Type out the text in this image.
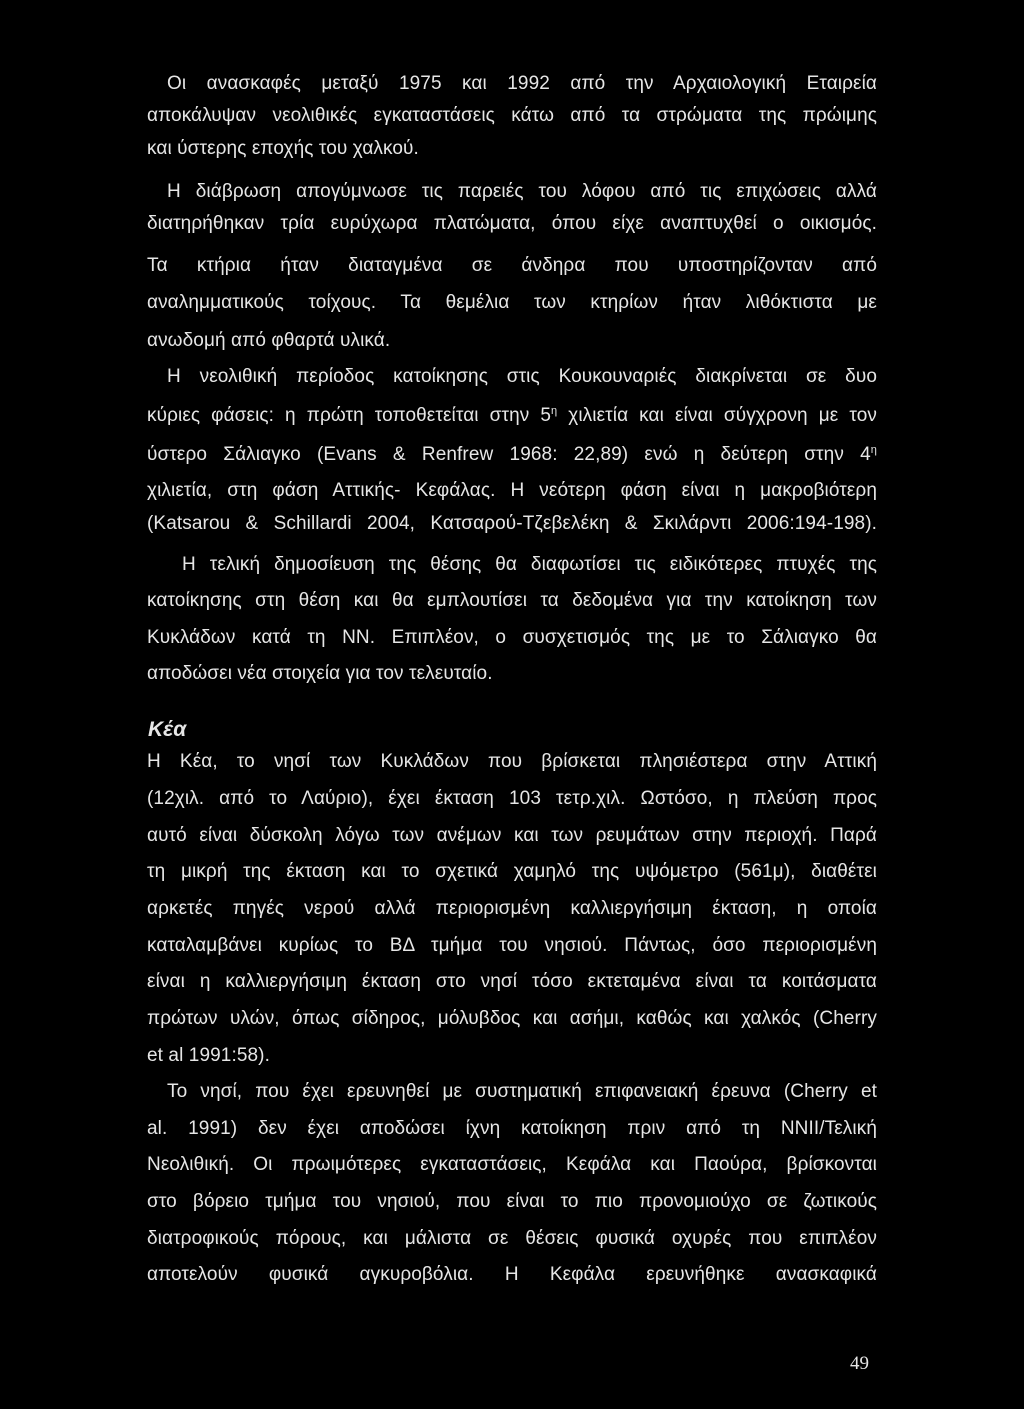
Οι ανασκαφές μεταξύ 1975 και 1992 από την Αρχαιολογική Εταιρεία
αποκάλυψαν νεολιθικές εγκαταστάσεις κάτω από τα στρώματα της πρώιμης
και ύστερης εποχής του χαλκού.
Η διάβρωση απογύμνωσε τις παρειές του λόφου από τις επιχώσεις αλλά
διατηρήθηκαν τρία ευρύχωρα πλατώματα, όπου είχε αναπτυχθεί ο οικισμός.
Τα κτήρια ήταν διαταγμένα σε άνδηρα που υποστηρίζονταν από
αναλημματικούς τοίχους. Τα θεμέλια των κτηρίων ήταν λιθόκτιστα με
ανωδομή από φθαρτά υλικά.
Η νεολιθική περίοδος κατοίκησης στις Κουκουναριές διακρίνεται σε δυο
κύριες φάσεις: η πρώτη τοποθετείται στην $5^\eta$ χιλιετία και είναι σύγχρονη με τον
ύστερο Σάλιαγκο (Evans & Renfrew 1968: 22,89) ενώ η δεύτερη στην $4^\eta$
χιλιετία, στη φάση Αττικής- Κεφάλας. Η νεότερη φάση είναι η μακροβιότερη
(Katsarou & Schillardi 2004, Κατσαρού-Τζεβελέκη & Σκιλάρντι 2006:194-198).
Η τελική δημοσίευση της θέσης θα διαφωτίσει τις ειδικότερες πτυχές της
κατοίκησης στη θέση και θα εμπλουτίσει τα δεδομένα για την κατοίκηση των
Κυκλάδων κατά τη ΝΝ. Επιπλέον, ο συσχετισμός της με το Σάλιαγκο θα
αποδώσει νέα στοιχεία για τον τελευταίο.
Κέα
Η Κέα, το νησί των Κυκλάδων που βρίσκεται πλησιέστερα στην Αττική
(12χιλ. από το Λαύριο), έχει έκταση 103 τετρ.χιλ. Ωστόσο, η πλεύση προς
αυτό είναι δύσκολη λόγω των ανέμων και των ρευμάτων στην περιοχή. Παρά
τη μικρή της έκταση και το σχετικά χαμηλό της υψόμετρο (561μ), διαθέτει
αρκετές πηγές νερού αλλά περιορισμένη καλλιεργήσιμη έκταση, η οποία
καταλαμβάνει κυρίως το ΒΔ τμήμα του νησιού. Πάντως, όσο περιορισμένη
είναι η καλλιεργήσιμη έκταση στο νησί τόσο εκτεταμένα είναι τα κοιτάσματα
πρώτων υλών, όπως σίδηρος, μόλυβδος και ασήμι, καθώς και χαλκός (Cherry
et al 1991:58).
Το νησί, που έχει ερευνηθεί με συστηματική επιφανειακή έρευνα (Cherry et
al. 1991) δεν έχει αποδώσει ίχνη κατοίκηση πριν από τη ΝΝΙΙ/Τελική
Νεολιθική. Οι πρωιμότερες εγκαταστάσεις, Κεφάλα και Παούρα, βρίσκονται
στο βόρειο τμήμα του νησιού, που είναι το πιο προνομιούχο σε ζωτικούς
διατροφικούς πόρους, και μάλιστα σε θέσεις φυσικά οχυρές που επιπλέον
αποτελούν φυσικά αγκυροβόλια. Η Κεφάλα ερευνήθηκε ανασκαφικά
49
